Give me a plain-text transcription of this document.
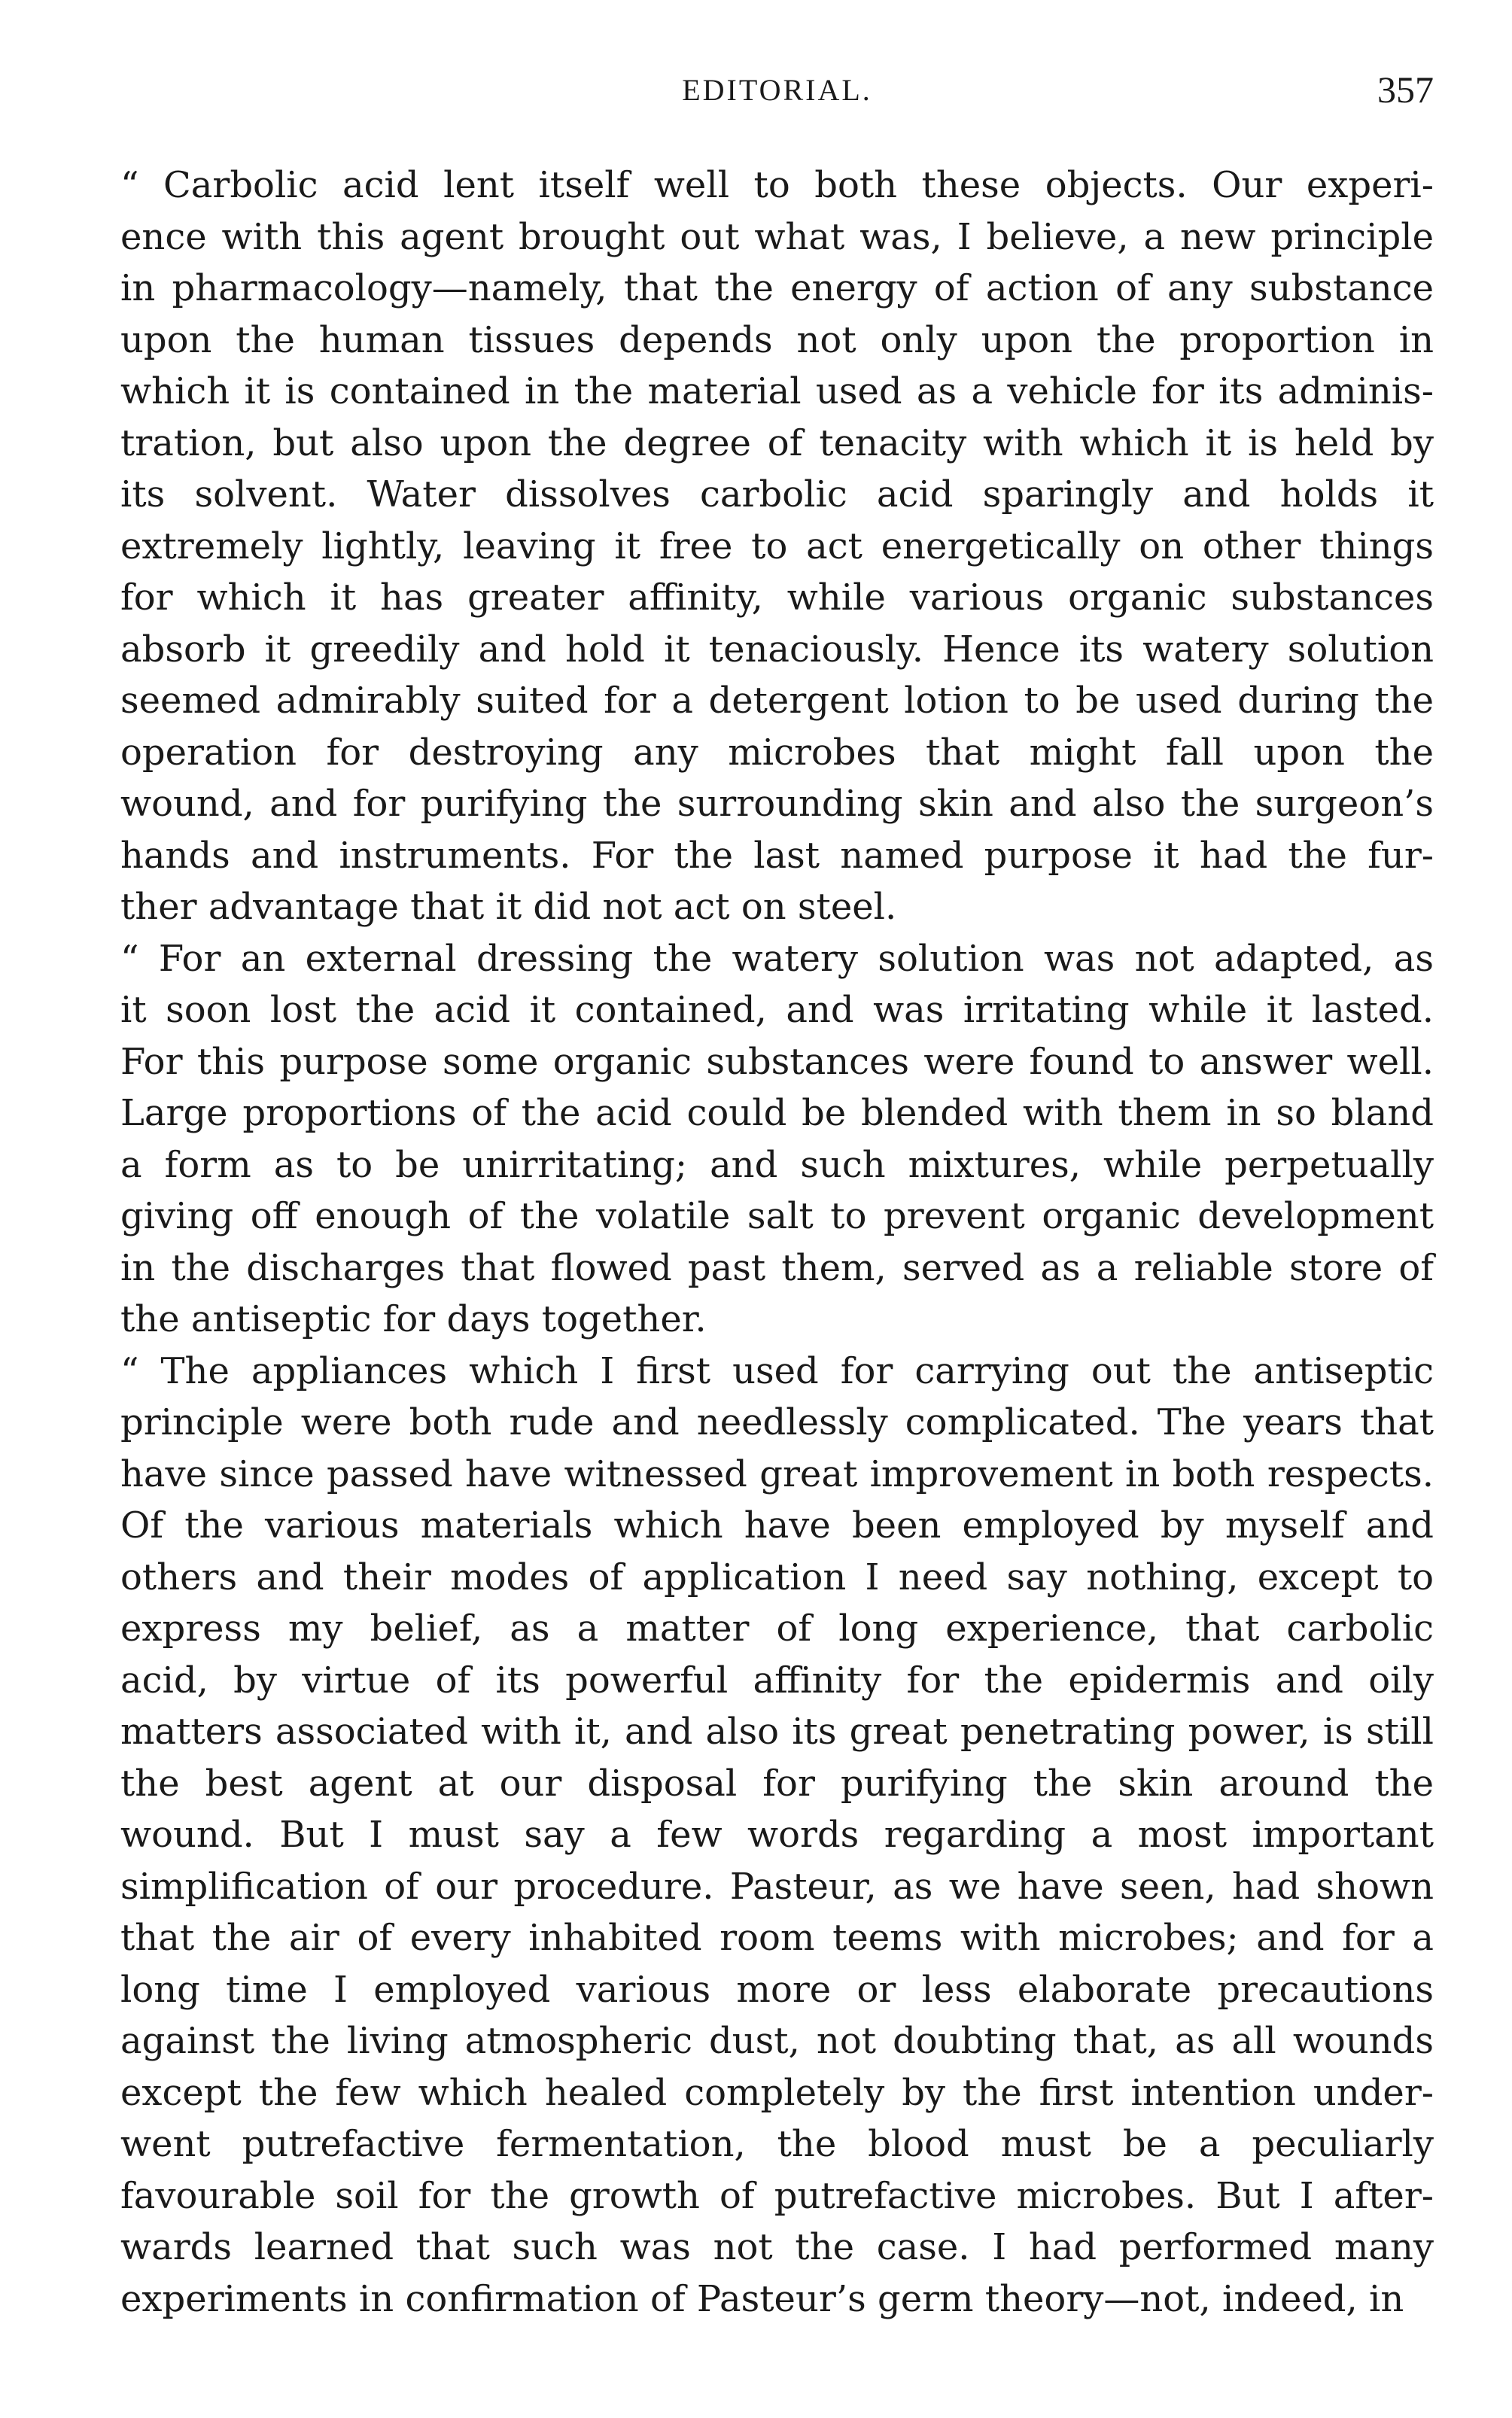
EDITORIAL.	357

“ Carbolic acid lent itself well to both these objects. Our experi-
ence with this agent brought out what was, I believe, a new principle
in pharmacology—namely, that the energy of action of any substance
upon the human tissues depends not only upon the proportion in
which it is contained in the material used as a vehicle for its adminis-
tration, but also upon the degree of tenacity with which it is held by
its solvent. Water dissolves carbolic acid sparingly and holds it
extremely lightly, leaving it free to act energetically on other things
for which it has greater affinity, while various organic substances
absorb it greedily and hold it tenaciously. Hence its watery solution
seemed admirably suited for a detergent lotion to be used during the
operation for destroying any microbes that might fall upon the
wound, and for purifying the surrounding skin and also the surgeon’s
hands and instruments. For the last named purpose it had the fur-
ther advantage that it did not act on steel.

“ For an external dressing the watery solution was not adapted, as
it soon lost the acid it contained, and was irritating while it lasted.
For this purpose some organic substances were found to answer well.
Large proportions of the acid could be blended with them in so bland
a form as to be unirritating; and such mixtures, while perpetually
giving off enough of the volatile salt to prevent organic development
in the discharges that flowed past them, served as a reliable store of
the antiseptic for days together.

“ The appliances which I first used for carrying out the antiseptic
principle were both rude and needlessly complicated. The years that
have since passed have witnessed great improvement in both respects.
Of the various materials which have been employed by myself and
others and their modes of application I need say nothing, except to
express my belief, as a matter of long experience, that carbolic
acid, by virtue of its powerful affinity for the epidermis and oily
matters associated with it, and also its great penetrating power, is still
the best agent at our disposal for purifying the skin around the
wound. But I must say a few words regarding a most important
simplification of our procedure. Pasteur, as we have seen, had shown
that the air of every inhabited room teems with microbes; and for a
long time I employed various more or less elaborate precautions
against the living atmospheric dust, not doubting that, as all wounds
except the few which healed completely by the first intention under-
went putrefactive fermentation, the blood must be a peculiarly
favourable soil for the growth of putrefactive microbes. But I after-
wards learned that such was not the case. I had performed many
experiments in confirmation of Pasteur’s germ theory—not, indeed, in
